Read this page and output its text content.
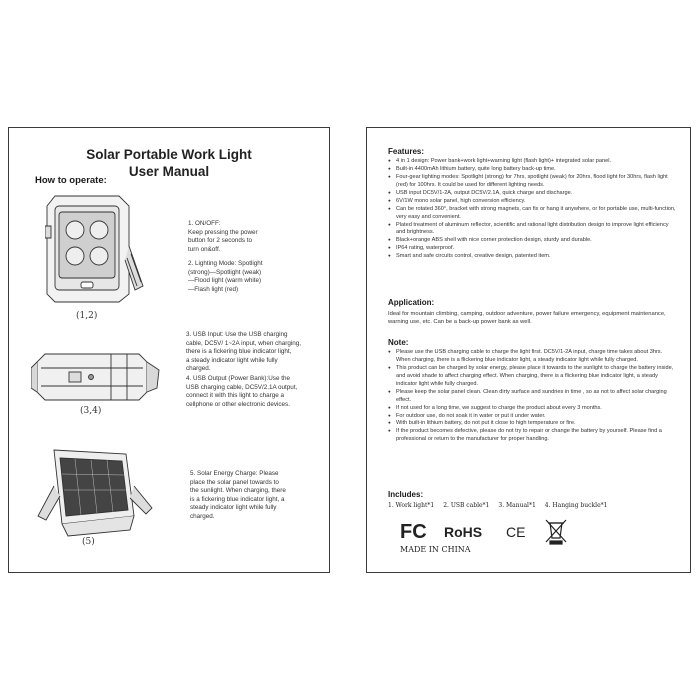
Solar Portable Work Light
User Manual
How to operate:
1. ON/OFF:
Keep pressing the power
button for 2 seconds to
turn on&off.
2. Lighting Mode: Spotlight
(strong)—Spotlight (weak)
—Flood light (warm white)
—Flash light (red)
(1,2)
3. USB Input: Use the USB charging
cable, DC5V/ 1~2A input, when charging,
there is a fickering blue indicator light,
a steady indicator light while fully
charged.
4. USB Output (Power Bank):Use the
USB charging cable, DC5V/2.1A output,
connect it with this light to charge a
cellphone or other electronic devices.
(3,4)
5. Solar Energy Charge: Please
place the solar panel towards to
the sunlight. When charging, there
is a fickering blue indicator light, a
steady indicator light while fully
charged.
(5)
Features:
● 4 in 1 design: Power bank+work light+warning light (flash light)+ integrated solar panel.
● Built-in 4400mAh lithium battery, quite long battery back-up time.
● Four-gear lighting modes: Spotlight (strong) for 7hrs, spotlight (weak) for 20hrs, flood light for 30hrs, flash light (red) for 100hrs. It could be used for different lighting needs.
● USB input DC5V/1-2A, output DC5V/2.1A, quick charge and discharge.
● 6V/1W mono solar panel, high conversion efficiency.
● Can be rotated 360°, bracket with strong magnets, can fix or hang it anywhere, or for portable use, multi-function, very easy and convenient.
● Plated treatment of aluminum reflector, scientific and rational light distribution design to improve light efficiency and brightness.
● Black+orange ABS shell with nice corner protection design, sturdy and durable.
● IP64 rating, waterproof.
● Smart and safe circuits control, creative design, patented item.
Application:
Ideal for mountain climbing, camping, outdoor adventure, power failure emergency, equipment maintenance, warning use, etc. Can be a back-up power bank as well.
Note:
● Please use the USB charging cable to charge the light first. DC5V/1-2A input, charge time takes about 3hrs. When charging, there is a flickering blue indicator light, a steady indicator light while fully charged.
● This product can be charged by solar energy, please place it towards to the sunlight to charge the battery inside, and avoid shade to affect charging effect. When charging, there is a flickering blue indicator light, a steady indicator light while fully charged.
● Please keep the solar panel clean. Clean dirty surface and sundries in time , so as not to affect solar charging effect.
● If not used for a long time, we suggest to charge the product about every 3 months.
● For outdoor use, do not soak it in water or put it under water.
● With built-in lithium battery, do not put it close to high temperature or fire.
● If the product becomes defective, please do not try to repair or change the battery by yourself. Please find a professional or return to the manufacturer for proper handling.
Includes:
1. Work light*1 2. USB cable*1 3. Manual*1 4. Hanging buckle*1
FC RoHS CE
MADE IN CHINA
